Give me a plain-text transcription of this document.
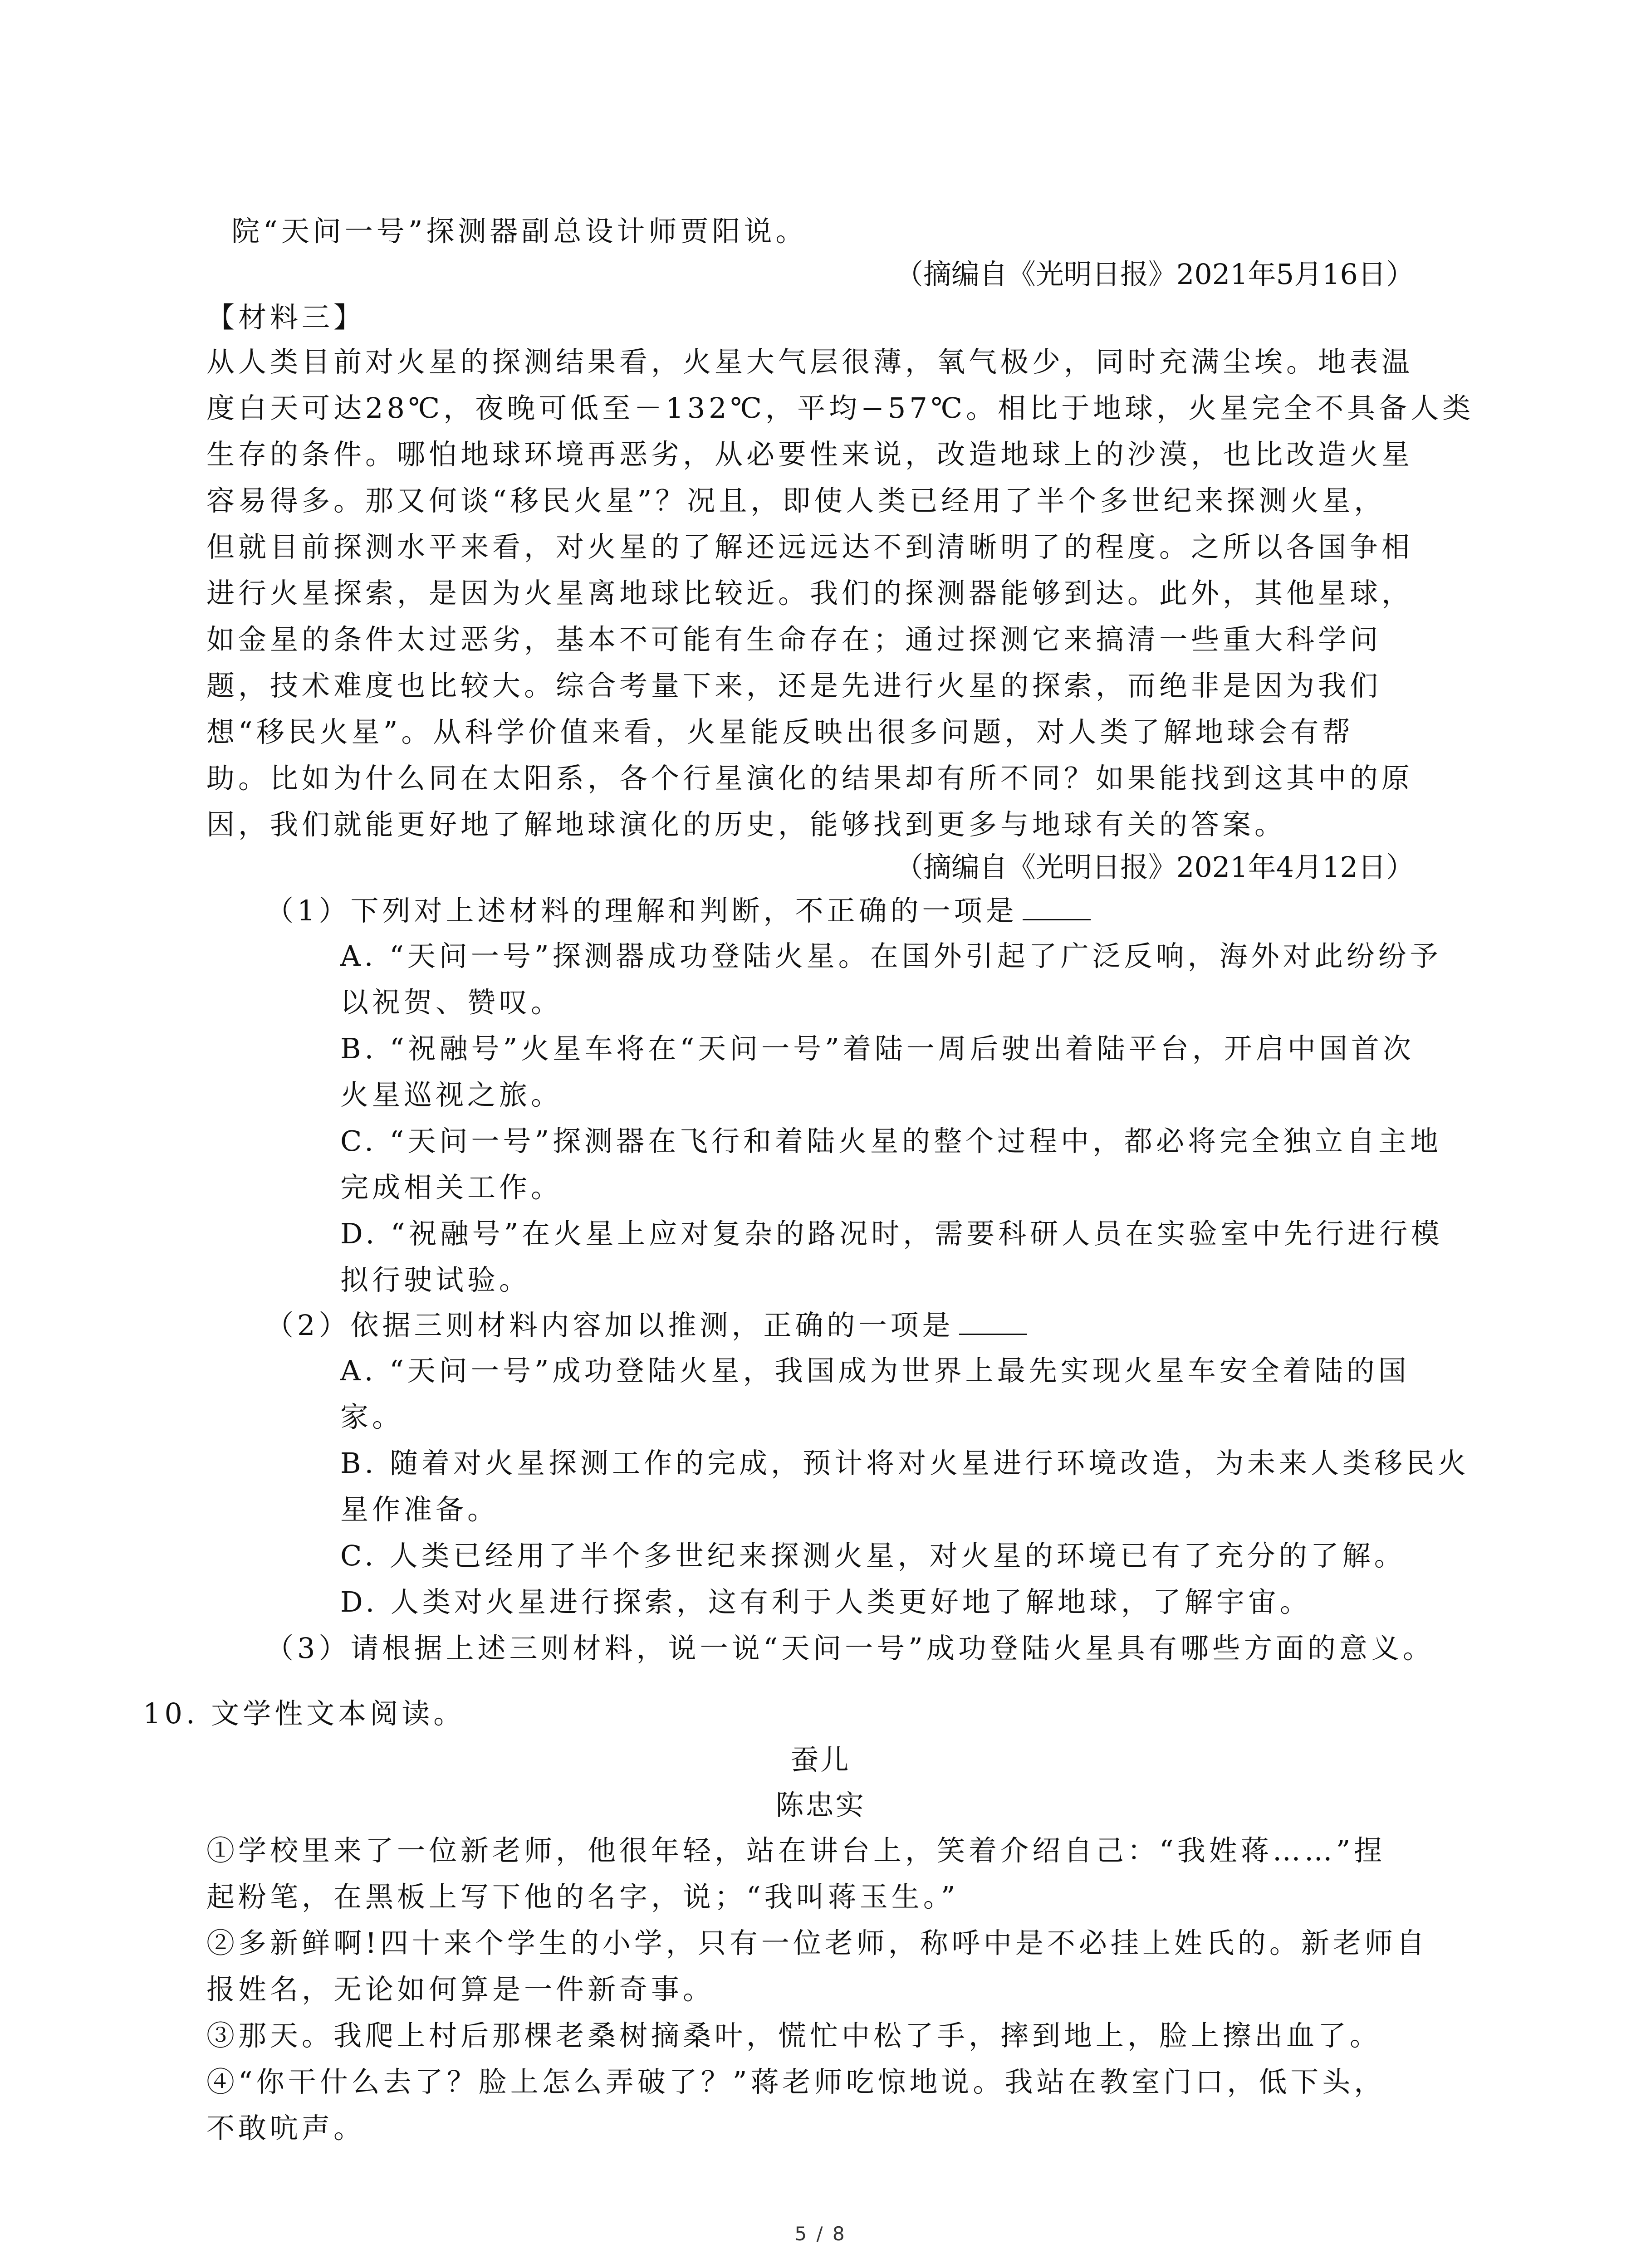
院“天问一号”探测器副总设计师贾阳说。
（摘编自《光明日报》2021年5月16日）
【材料三】
从人类目前对火星的探测结果看，火星大气层很薄，氧气极少，同时充满尘埃。地表温
度白天可达28℃，夜晚可低至－132℃，平均−57℃。相比于地球，火星完全不具备人类
生存的条件。哪怕地球环境再恶劣，从必要性来说，改造地球上的沙漠，也比改造火星
容易得多。那又何谈“移民火星”？况且，即使人类已经用了半个多世纪来探测火星，
但就目前探测水平来看，对火星的了解还远远达不到清晰明了的程度。之所以各国争相
进行火星探索，是因为火星离地球比较近。我们的探测器能够到达。此外，其他星球，
如金星的条件太过恶劣，基本不可能有生命存在；通过探测它来搞清一些重大科学问
题，技术难度也比较大。综合考量下来，还是先进行火星的探索，而绝非是因为我们
想“移民火星”。从科学价值来看，火星能反映出很多问题，对人类了解地球会有帮
助。比如为什么同在太阳系，各个行星演化的结果却有所不同？如果能找到这其中的原
因，我们就能更好地了解地球演化的历史，能够找到更多与地球有关的答案。
（摘编自《光明日报》2021年4月12日）
（1）下列对上述材料的理解和判断，不正确的一项是
A. “天问一号”探测器成功登陆火星。在国外引起了广泛反响，海外对此纷纷予
以祝贺、赞叹。
B. “祝融号”火星车将在“天问一号”着陆一周后驶出着陆平台，开启中国首次
火星巡视之旅。
C. “天问一号”探测器在飞行和着陆火星的整个过程中，都必将完全独立自主地
完成相关工作。
D. “祝融号”在火星上应对复杂的路况时，需要科研人员在实验室中先行进行模
拟行驶试验。
（2）依据三则材料内容加以推测，正确的一项是
A. “天问一号”成功登陆火星，我国成为世界上最先实现火星车安全着陆的国
家。
B. 随着对火星探测工作的完成，预计将对火星进行环境改造，为未来人类移民火
星作准备。
C. 人类已经用了半个多世纪来探测火星，对火星的环境已有了充分的了解。
D. 人类对火星进行探索，这有利于人类更好地了解地球，了解宇宙。
（3）请根据上述三则材料，说一说“天问一号”成功登陆火星具有哪些方面的意义。
10. 文学性文本阅读。
蚕儿
陈忠实
①学校里来了一位新老师，他很年轻，站在讲台上，笑着介绍自己：“我姓蒋……”捏
起粉笔，在黑板上写下他的名字，说；“我叫蒋玉生。”
②多新鲜啊!四十来个学生的小学，只有一位老师，称呼中是不必挂上姓氏的。新老师自
报姓名，无论如何算是一件新奇事。
③那天。我爬上村后那棵老桑树摘桑叶，慌忙中松了手，摔到地上，脸上擦出血了。
④“你干什么去了？脸上怎么弄破了？”蒋老师吃惊地说。我站在教室门口，低下头，
不敢吭声。
5 / 8
